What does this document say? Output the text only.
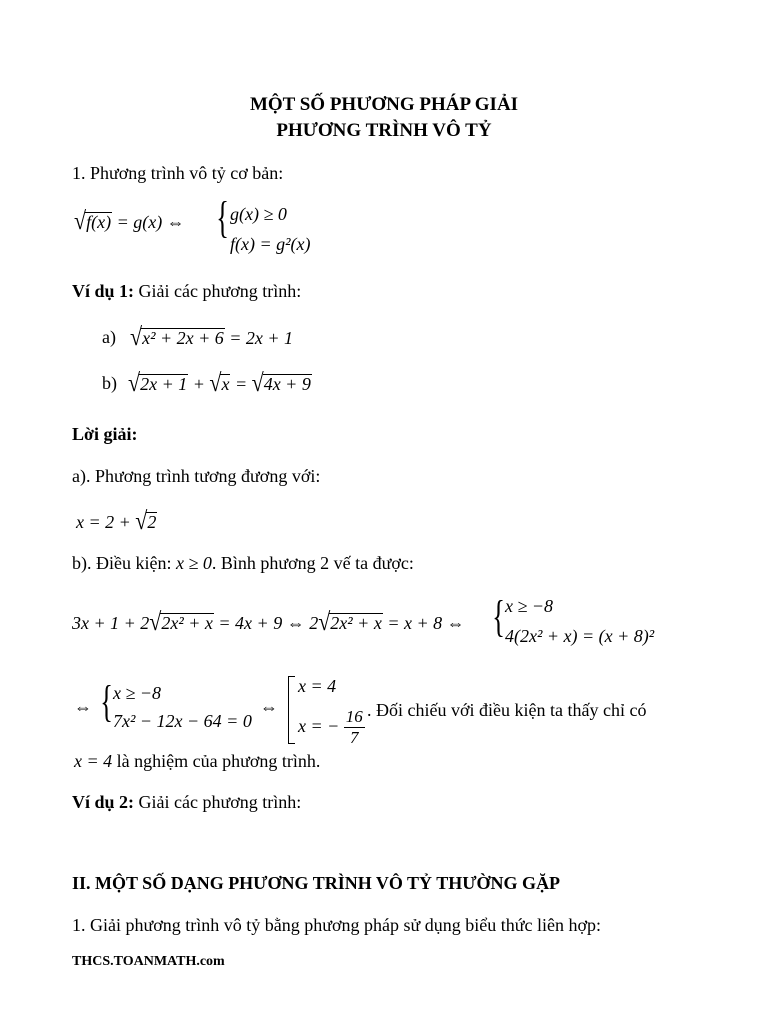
MỘT SỐ PHƯƠNG PHÁP GIẢI
PHƯƠNG TRÌNH VÔ TỶ
1. Phương trình vô tỷ cơ bản:
√ f(x) = g(x) ⇔ { g(x) ≥ 0
f(x) = g²(x)
Ví dụ 1: Giải các phương trình:
a) √ x² + 2x + 6 = 2x + 1
b) √ 2x + 1 + √ x = √ 4x + 9
Lời giải:
a). Phương trình tương đương với:
x = 2 + √ 2
b). Điều kiện: x ≥ 0. Bình phương 2 vế ta được:
3x + 1 + 2 √ 2x² + x = 4x + 9 ⇔ 2 √ 2x² + x = x + 8 ⇔ { x ≥ −8
4(2x² + x) = (x + 8)²
⇔ { x ≥ −8
7x² − 12x − 64 = 0
⇔
x = 4
x = − $\frac{16}{7}$ . Đối chiếu với điều kiện ta thấy chỉ có
x = 4 là nghiệm của phương trình.
Ví dụ 2: Giải các phương trình:
II. MỘT SỐ DẠNG PHƯƠNG TRÌNH VÔ TỶ THƯỜNG GẶP
1. Giải phương trình vô tỷ bằng phương pháp sử dụng biểu thức liên hợp:
THCS.TOANMATH.com
